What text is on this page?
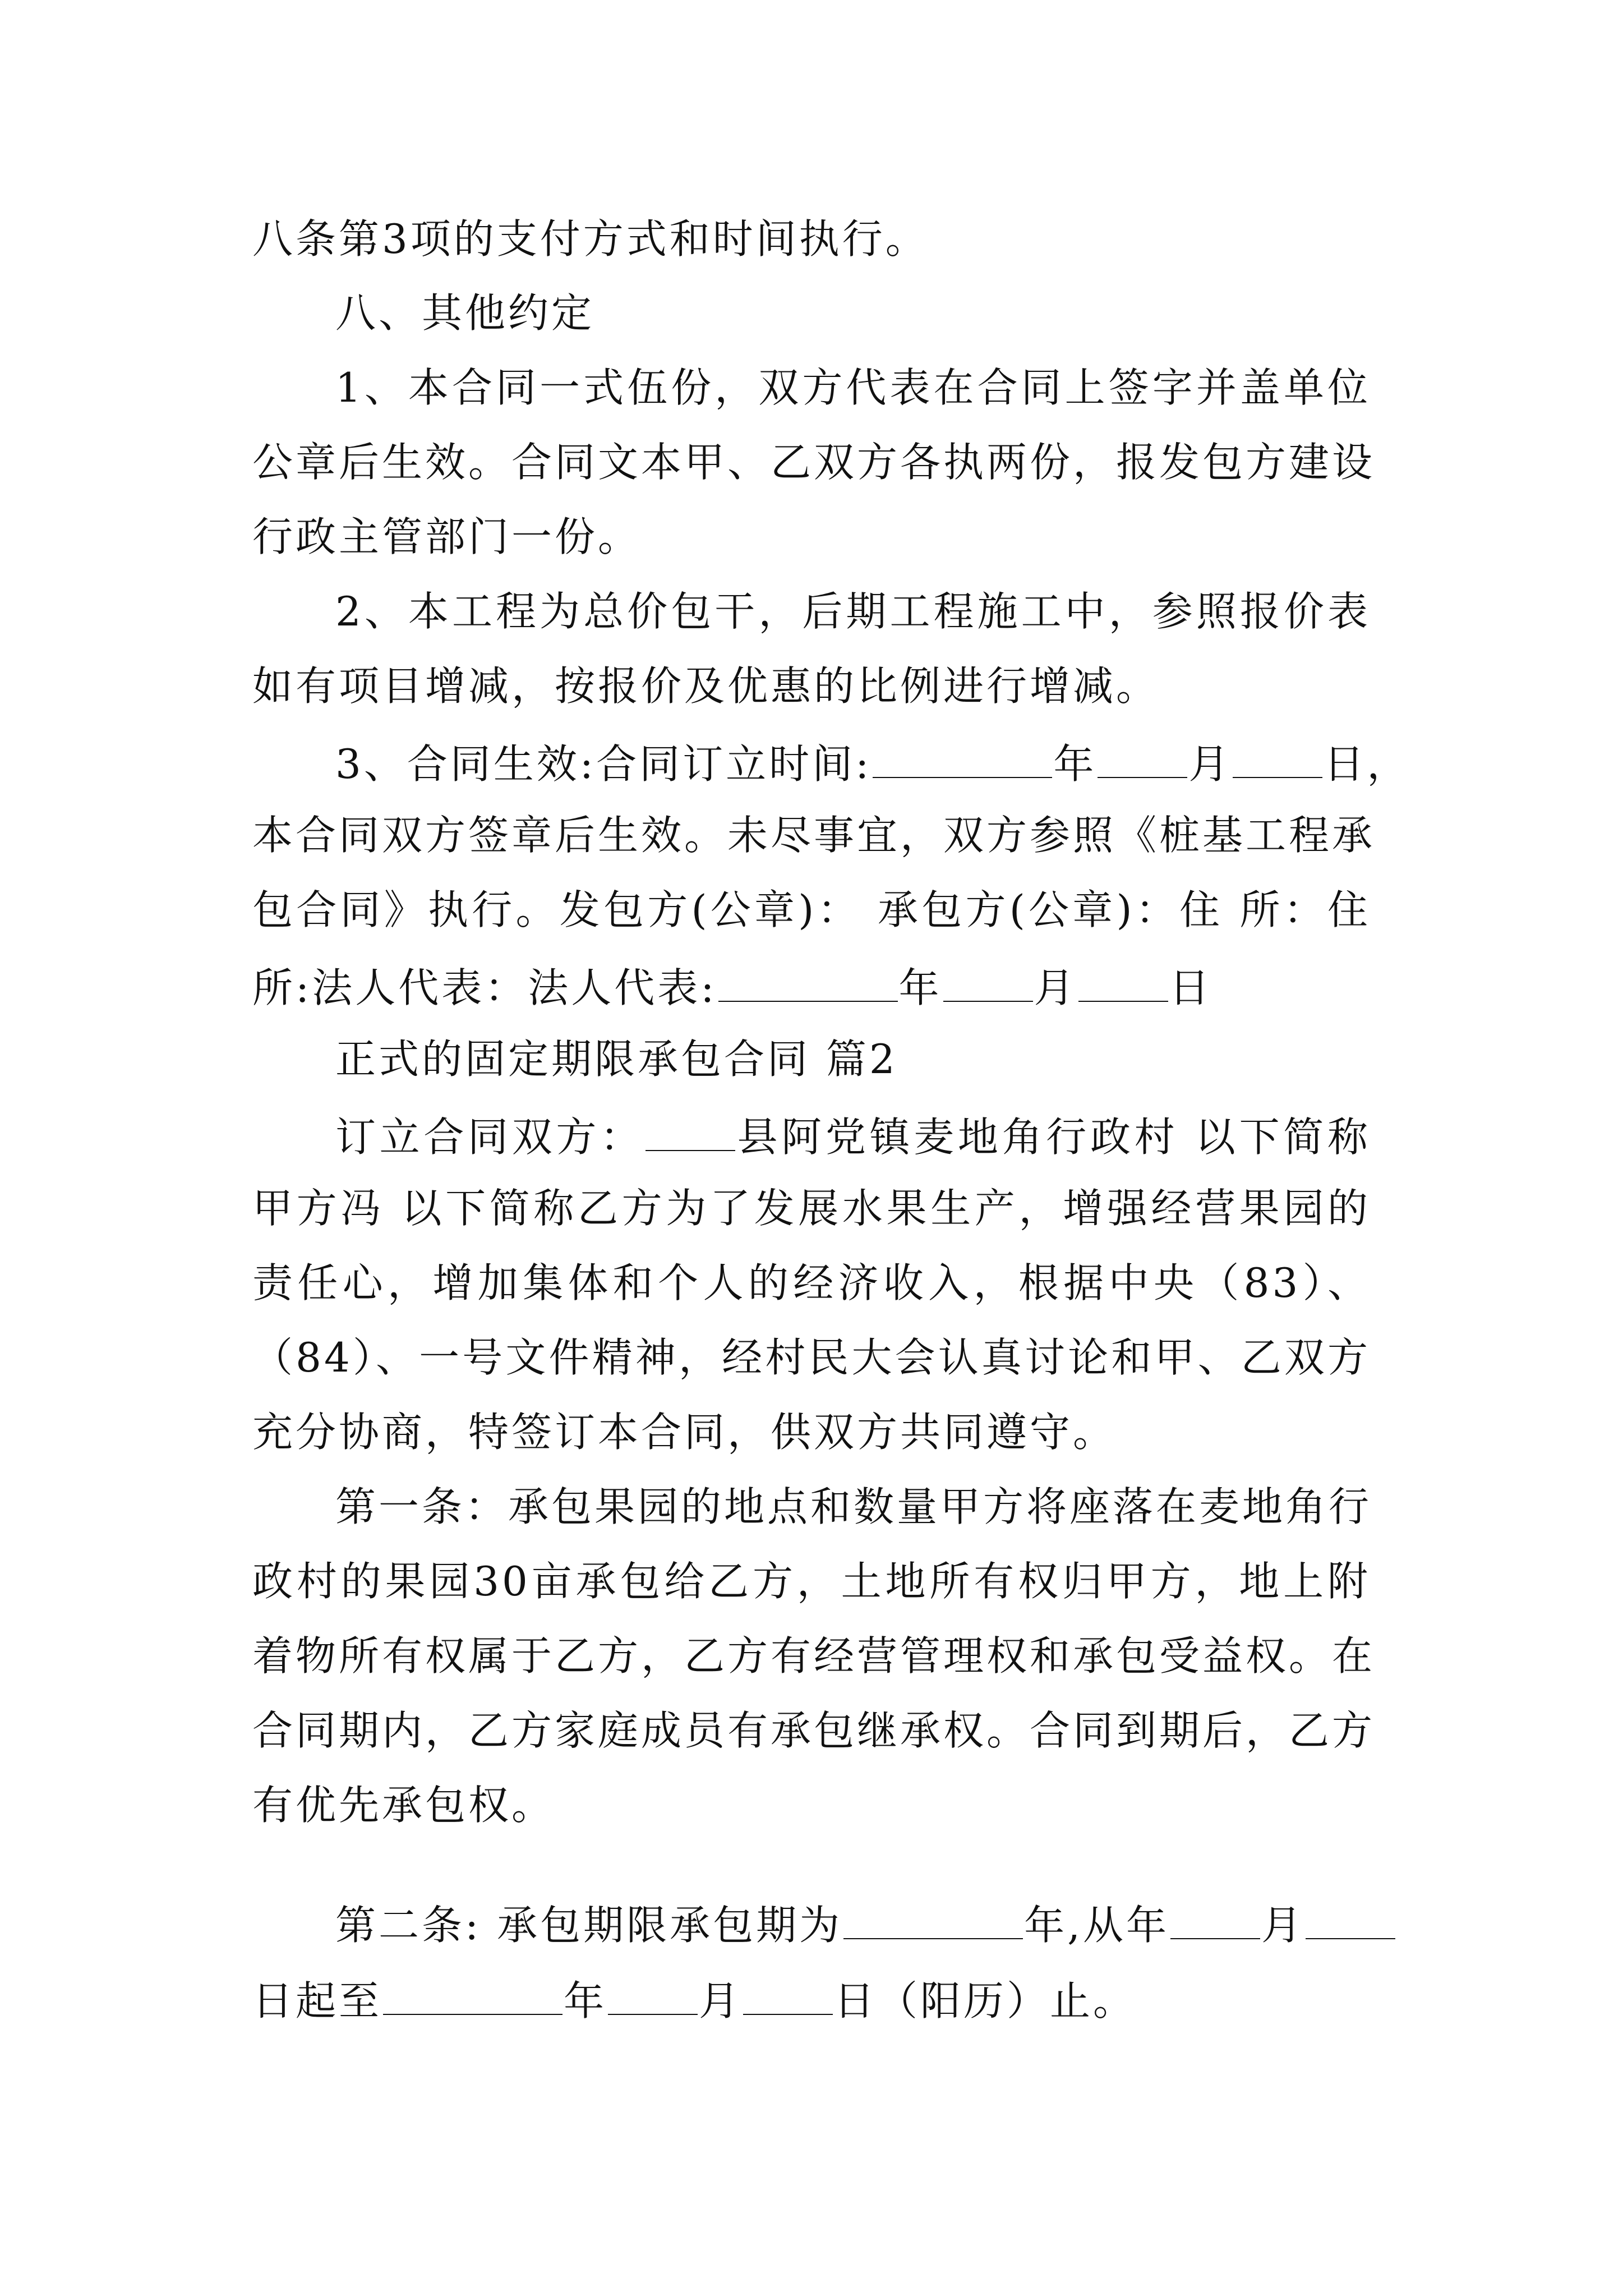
八条第3项的支付方式和时间执行。
八、其他约定
1、本合同一式伍份，双方代表在合同上签字并盖单位
公章后生效。合同文本甲、乙双方各执两份，报发包方建设
行政主管部门一份。
2、本工程为总价包干，后期工程施工中，参照报价表
如有项目增减，按报价及优惠的比例进行增减。
3、合同生效:合同订立时间:	年 月 日，
本合同双方签章后生效。未尽事宜，双方参照《桩基工程承
包合同》执行。发包方(公章)： 承包方(公章)：住 所：住
所:法人代表：法人代表:	年 月 日
正式的固定期限承包合同 篇2
订立合同双方： 县阿党镇麦地角行政村 以下简称
甲方冯 以下简称乙方为了发展水果生产，增强经营果园的
责任心，增加集体和个人的经济收入，根据中央（83）、
（84）、一号文件精神，经村民大会认真讨论和甲、乙双方
充分协商，特签订本合同，供双方共同遵守。
第一条：承包果园的地点和数量甲方将座落在麦地角行
政村的果园30亩承包给乙方，土地所有权归甲方，地上附
着物所有权属于乙方，乙方有经营管理权和承包受益权。在
合同期内，乙方家庭成员有承包继承权。合同到期后，乙方
有优先承包权。
第二条: 承包期限承包期为	年,从年 月
日起至	年 月 日（阳历）止。
